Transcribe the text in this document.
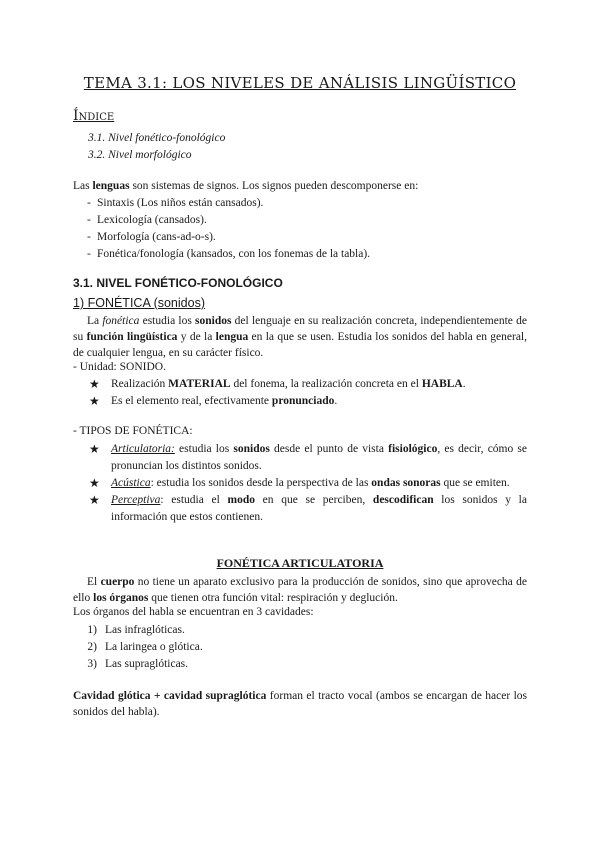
TEMA 3.1: LOS NIVELES DE ANÁLISIS LINGÜÍSTICO
Índice
3.1. Nivel fonético-fonológico
3.2. Nivel morfológico
Las lenguas son sistemas de signos. Los signos pueden descomponerse en:
- Sintaxis (Los niños están cansados).
- Lexicología (cansados).
- Morfología (cans-ad-o-s).
- Fonética/fonología (kansados, con los fonemas de la tabla).
3.1. NIVEL FONÉTICO-FONOLÓGICO
1) FONÉTICA (sonidos)
La fonética estudia los sonidos del lenguaje en su realización concreta, independientemente de su función lingüística y de la lengua en la que se usen. Estudia los sonidos del habla en general, de cualquier lengua, en su carácter físico.
- Unidad: SONIDO.
★ Realización MATERIAL del fonema, la realización concreta en el HABLA.
★ Es el elemento real, efectivamente pronunciado.
- TIPOS DE FONÉTICA:
★ Articulatoria: estudia los sonidos desde el punto de vista fisiológico, es decir, cómo se pronuncian los distintos sonidos.
★ Acústica: estudia los sonidos desde la perspectiva de las ondas sonoras que se emiten.
★ Perceptiva: estudia el modo en que se perciben, descodifican los sonidos y la información que estos contienen.
FONÉTICA ARTICULATORIA
El cuerpo no tiene un aparato exclusivo para la producción de sonidos, sino que aprovecha de ello los órganos que tienen otra función vital: respiración y deglución.
Los órganos del habla se encuentran en 3 cavidades:
1) Las infraglóticas.
2) La laringea o glótica.
3) Las supraglóticas.
Cavidad glótica + cavidad supraglótica forman el tracto vocal (ambos se encargan de hacer los sonidos del habla).
